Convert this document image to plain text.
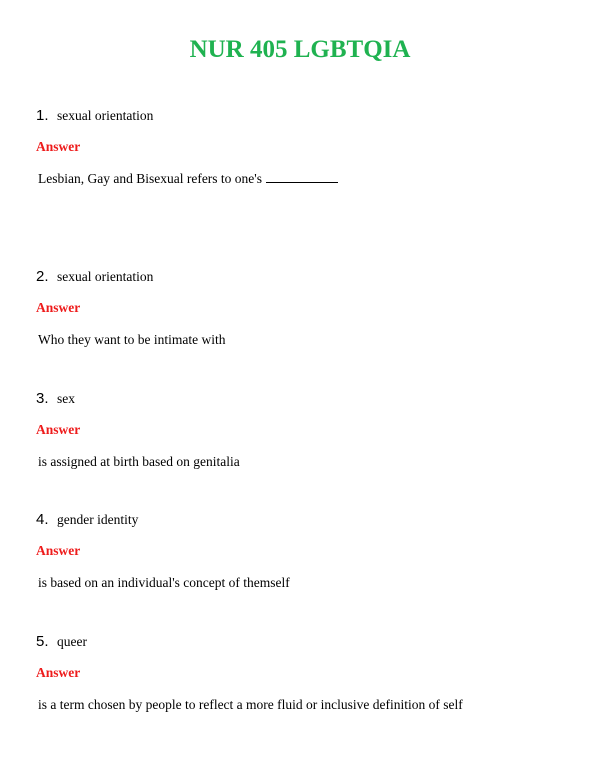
NUR 405 LGBTQIA
1. sexual orientation
Answer
Lesbian, Gay and Bisexual refers to one's
2. sexual orientation
Answer
Who they want to be intimate with
3. sex
Answer
is assigned at birth based on genitalia
4. gender identity
Answer
is based on an individual's concept of themself
5. queer
Answer
is a term chosen by people to reflect a more fluid or inclusive definition of self
